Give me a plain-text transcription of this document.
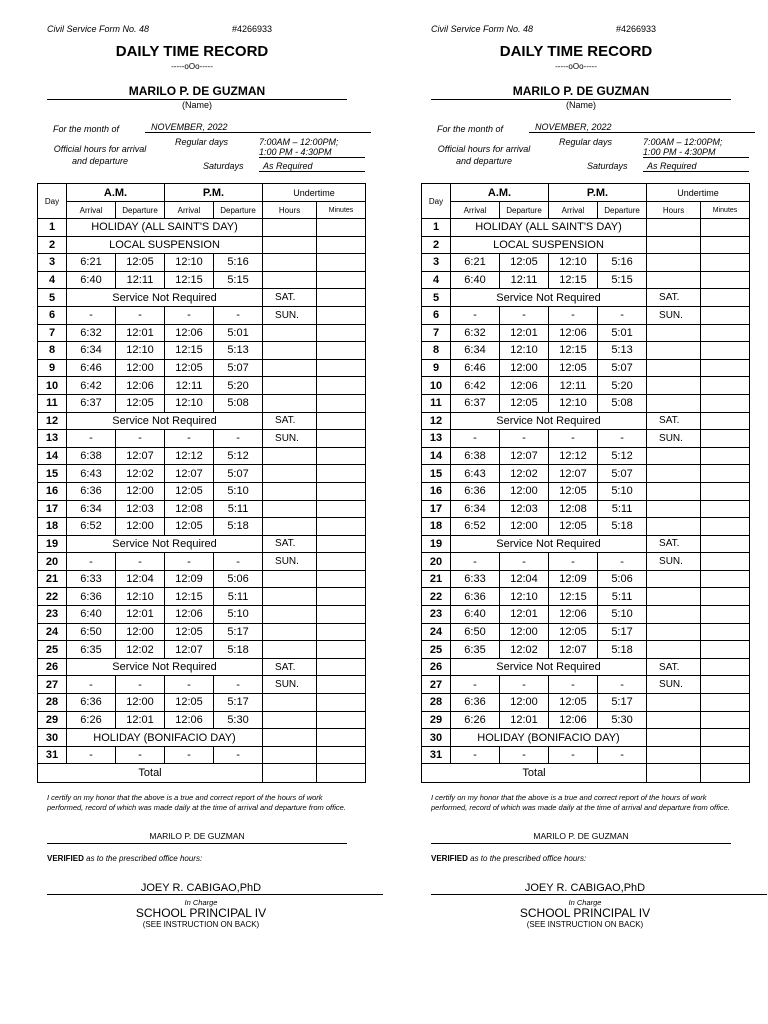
Civil Service Form No. 48	#4266933
DAILY TIME RECORD
-----oOo-----
MARILO P. DE GUZMAN
(Name)
For the month of	NOVEMBER, 2022
Official hours for arrival and departure
Regular days	7:00AM – 12:00PM;
1:00 PM - 4:30PM
Saturdays	As Required
Day	A.M.		P.M.		Undertime	
	Arrival	Departure	Arrival	Departure	Hours	Minutes
1	HOLIDAY (ALL SAINT'S DAY)					
2	LOCAL SUSPENSION					
3	6:21	12:05	12:10	5:16		
4	6:40	12:11	12:15	5:15		
5	Service Not Required				SAT.	
6	-	-	-	-	SUN.	
7	6:32	12:01	12:06	5:01		
8	6:34	12:10	12:15	5:13		
9	6:46	12:00	12:05	5:07		
10	6:42	12:06	12:11	5:20		
11	6:37	12:05	12:10	5:08		
12	Service Not Required				SAT.	
13	-	-	-	-	SUN.	
14	6:38	12:07	12:12	5:12		
15	6:43	12:02	12:07	5:07		
16	6:36	12:00	12:05	5:10		
17	6:34	12:03	12:08	5:11		
18	6:52	12:00	12:05	5:18		
19	Service Not Required				SAT.	
20	-	-	-	-	SUN.	
21	6:33	12:04	12:09	5:06		
22	6:36	12:10	12:15	5:11		
23	6:40	12:01	12:06	5:10		
24	6:50	12:00	12:05	5:17		
25	6:35	12:02	12:07	5:18		
26	Service Not Required				SAT.	
27	-	-	-	-	SUN.	
28	6:36	12:00	12:05	5:17		
29	6:26	12:01	12:06	5:30		
30	HOLIDAY (BONIFACIO DAY)					
31	-	-	-	-		
Total						
I certify on my honor that the above is a true and correct report of the hours of work performed, record of which was made daily at the time of arrival and departure from office.
MARILO P. DE GUZMAN
VERIFIED as to the prescribed office hours:
JOEY R. CABIGAO,PhD
In Charge
SCHOOL PRINCIPAL IV
(SEE INSTRUCTION ON BACK)
Civil Service Form No. 48	#4266933
DAILY TIME RECORD
-----oOo-----
MARILO P. DE GUZMAN
(Name)
For the month of	NOVEMBER, 2022
Official hours for arrival and departure
Regular days	7:00AM – 12:00PM;
1:00 PM - 4:30PM
Saturdays	As Required
Day	A.M.		P.M.		Undertime	
	Arrival	Departure	Arrival	Departure	Hours	Minutes
1	HOLIDAY (ALL SAINT'S DAY)					
2	LOCAL SUSPENSION					
3	6:21	12:05	12:10	5:16		
4	6:40	12:11	12:15	5:15		
5	Service Not Required				SAT.	
6	-	-	-	-	SUN.	
7	6:32	12:01	12:06	5:01		
8	6:34	12:10	12:15	5:13		
9	6:46	12:00	12:05	5:07		
10	6:42	12:06	12:11	5:20		
11	6:37	12:05	12:10	5:08		
12	Service Not Required				SAT.	
13	-	-	-	-	SUN.	
14	6:38	12:07	12:12	5:12		
15	6:43	12:02	12:07	5:07		
16	6:36	12:00	12:05	5:10		
17	6:34	12:03	12:08	5:11		
18	6:52	12:00	12:05	5:18		
19	Service Not Required				SAT.	
20	-	-	-	-	SUN.	
21	6:33	12:04	12:09	5:06		
22	6:36	12:10	12:15	5:11		
23	6:40	12:01	12:06	5:10		
24	6:50	12:00	12:05	5:17		
25	6:35	12:02	12:07	5:18		
26	Service Not Required				SAT.	
27	-	-	-	-	SUN.	
28	6:36	12:00	12:05	5:17		
29	6:26	12:01	12:06	5:30		
30	HOLIDAY (BONIFACIO DAY)					
31	-	-	-	-		
Total						
I certify on my honor that the above is a true and correct report of the hours of work performed, record of which was made daily at the time of arrival and departure from office.
MARILO P. DE GUZMAN
VERIFIED as to the prescribed office hours:
JOEY R. CABIGAO,PhD
In Charge
SCHOOL PRINCIPAL IV
(SEE INSTRUCTION ON BACK)
